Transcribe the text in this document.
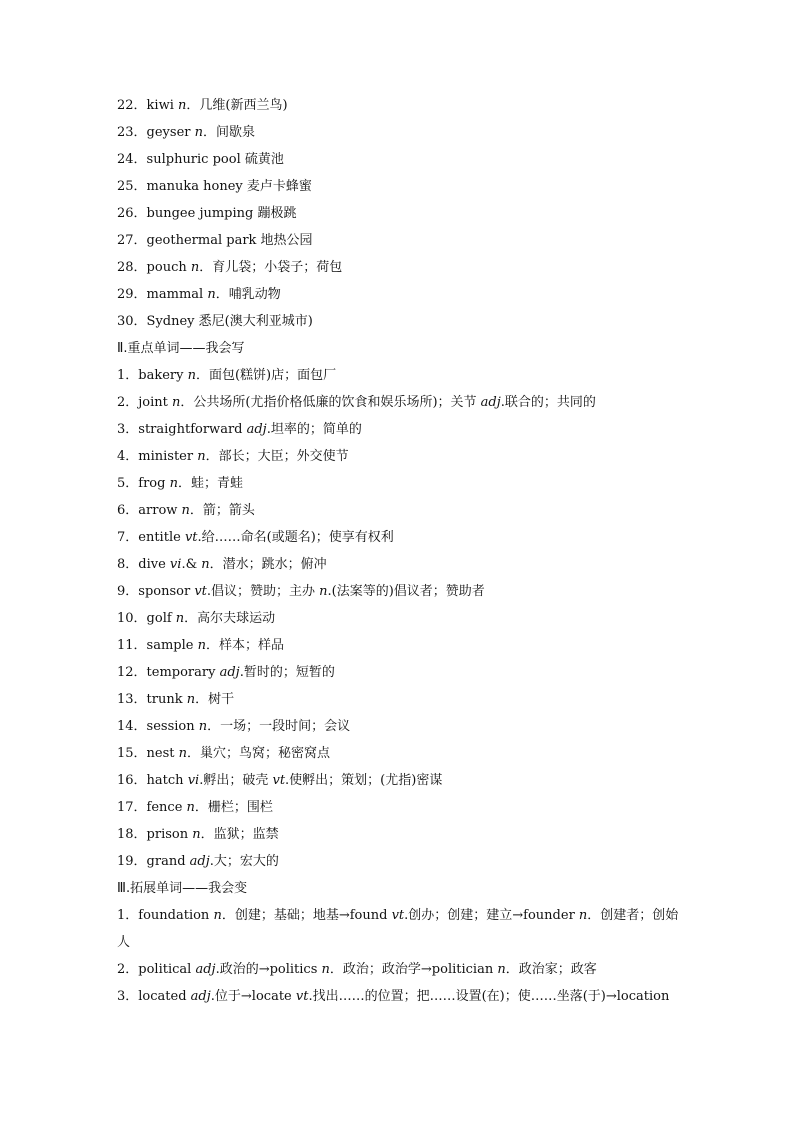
22．kiwi n．几维(新西兰鸟)
23．geyser n．间歇泉
24．sulphuric pool 硫黄池
25．manuka honey 麦卢卡蜂蜜
26．bungee jumping 蹦极跳
27．geothermal park 地热公园
28．pouch n．育儿袋；小袋子；荷包
29．mammal n．哺乳动物
30．Sydney 悉尼(澳大利亚城市)
Ⅱ.重点单词——我会写
1．bakery n．面包(糕饼)店；面包厂
2．joint n．公共场所(尤指价格低廉的饮食和娱乐场所)；关节 adj.联合的；共同的
3．straightforward adj.坦率的；简单的
4．minister n．部长；大臣；外交使节
5．frog n．蛙；青蛙
6．arrow n．箭；箭头
7．entitle vt.给……命名(或题名)；使享有权利
8．dive vi.& n．潜水；跳水；俯冲
9．sponsor vt.倡议；赞助；主办 n.(法案等的)倡议者；赞助者
10．golf n．高尔夫球运动
11．sample n．样本；样品
12．temporary adj.暂时的；短暂的
13．trunk n．树干
14．session n．一场；一段时间；会议
15．nest n．巢穴；鸟窝；秘密窝点
16．hatch vi.孵出；破壳 vt.使孵出；策划；(尤指)密谋
17．fence n．栅栏；围栏
18．prison n．监狱；监禁
19．grand adj.大；宏大的
Ⅲ.拓展单词——我会变
1．foundation n．创建；基础；地基→found vt.创办；创建；建立→founder n．创建者；创始人
2．political adj.政治的→politics n．政治；政治学→politician n．政治家；政客
3．located adj.位于→locate vt.找出……的位置；把……设置(在)；使……坐落(于)→location
